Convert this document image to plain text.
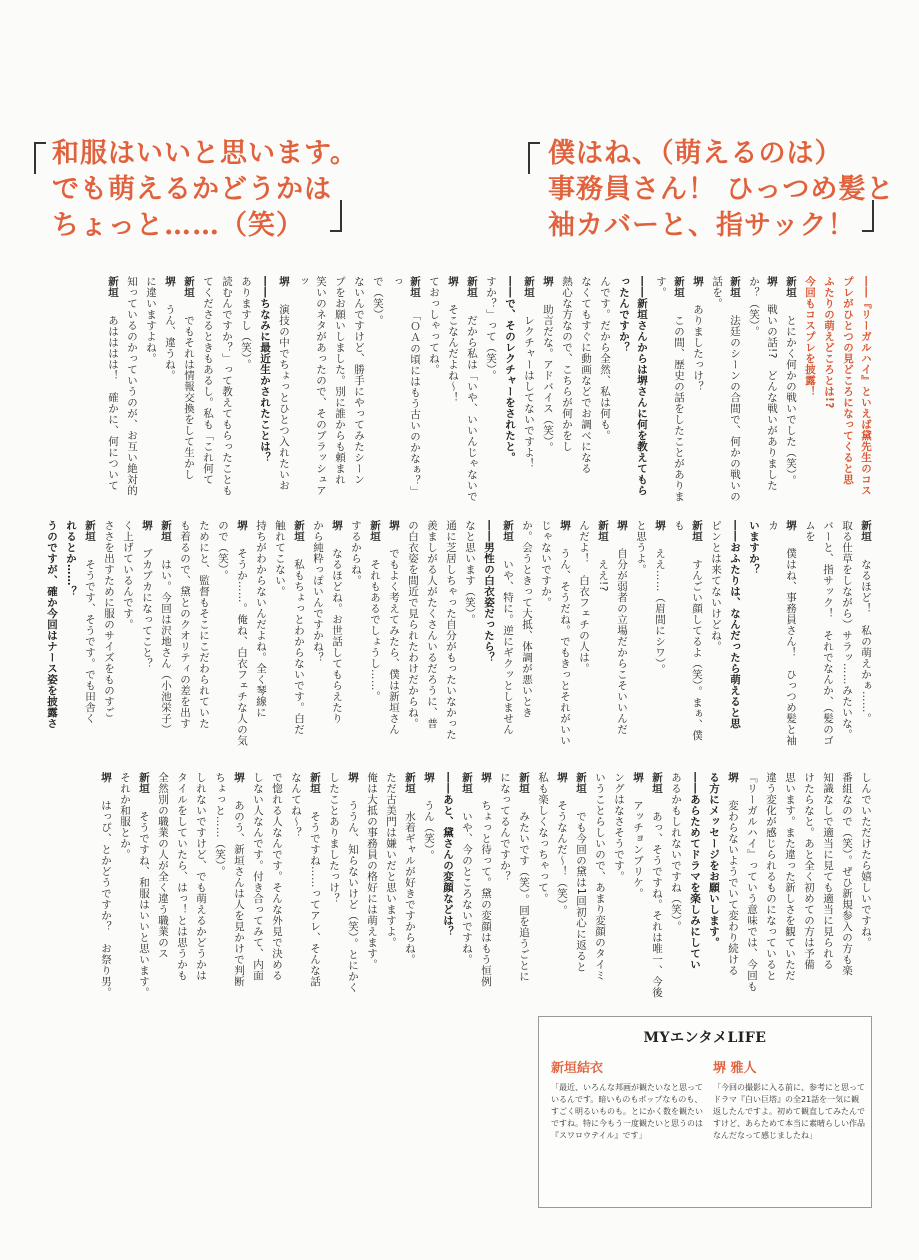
和服はいいと思います。
でも萌えるかどうかは
ちょっと……（笑）
僕はね、（萌えるのは）
事務員さん！ ひっつめ髪と
袖カバーと、指サック！

――『リーガルハイ』といえば黛先生のコスプレがひとつの見どころになってくると思

ふたりの萌えどころとは!?

今回もコスプレを披露！

新垣　とにかく何かの戦いでした（笑）。

堺　戦いの話!?　どんな戦いがありましたか？（笑）。

新垣　法廷のシーンの合間で、何かの戦いの話を。

堺　ありましたっけ？

新垣　この間、歴史の話をしたことがあります。

――新垣さんからは堺さんに何を教えてもらったんですか？

んです。だから全然、私は何も。

なくてもすぐに動画などでお調べになる

熱心な方なので、こちらが何かをし

堺　助言だな。アドバイス（笑）。

新垣　レクチャーはしてないですよ！

――で、そのレクチャーをされたと。

すか？」って（笑）。

新垣　だから私は「いや、いいんじゃないで

堺　そこなんだよね～！

ておっしゃってね。

新垣　「ＯＡの頃にはもう古いのかなぁ？」っ

で（笑）。

ないんですけど、勝手にやってみたシーン

プをお願いしました。別に誰からも頼まれ

笑いのネタがあったので、そのブラッシュアッ

堺　演技の中でちょっとひとつ入れたいお

――ちなみに最近生かされたことは？

ありますし（笑）。

読むんですか？」って教えてもらったことも

てくださるときもあるし。私も「これ何て

新垣　でもそれは情報交換をして生かし

堺　うん、違うね。

に違いますよね。

知っているのかっていうのが、お互い絶対的

新垣　あはははは！　確かに、何について

新垣　なるほど！　私の萌えかぁ……。

取る仕草をしながら）サラッ……みたいな。

バーと、指サック！　それでなんか、（髪のゴムを

堺　僕はね、事務員さん！　ひっつめ髪と袖カ

いますか？

――おふたりは、なんだったら萌えると思

ピンとは来てないけどね。

新垣　すんごい顔してるよ（笑）。まぁ、僕も

堺　ええ……（眉間にシワ）。

と思うよ。

堺　自分が弱者の立場だからこそいいんだ

新垣　ええ!?

んだよ！　白衣フェチの人は。

堺　うん、そうだね。でもきっとそれがいい

じゃないですか。

か。会うときって大抵、体調が悪いとき

新垣　いや、特に。逆にギクッとしません

――男性の白衣姿だったら？

なと思います（笑）。

通に芝居しちゃった自分がもったいなかった

羨ましがる人がたくさんいるだろうに、普

の白衣姿を間近で見られたわけだからね。

堺　でもよく考えてみたら、僕は新垣さん

新垣　それもあるでしょうし……。

するからね。

堺　なるほどね。お世話してもらえたり

から純粋っぽいんですかね？

新垣　私もちょっとわからないです。白だ

触れてこない。

持ちがわからないんだよね。全く琴線に

堺　そうか……。俺ね、白衣フェチな人の気

ので（笑）。

ためにと、監督もそこにこだわられていた

も着るので、黛とのクオリティの差を出す

新垣　はい。今回は沢地さん（小池栄子）

堺　ブカブカになってこと？

く上げているんです。

ささを出すために服のサイズをものすご

新垣　そうです、そうです。でも田舎く

れるとか……？

うのですが、確か今回はナース姿を披露さ

しんでいただけたら嬉しいですね。

番組なので（笑）。ぜひ新規参入の方も楽

知識なしで適当に見ても適当に見られる

けたらなと。あと全く初めての方は予備

思います。また違った新しさを観ていただ

違う変化が感じられるものになっていると

『リーガルハイ』っていう意味では、今回も

堺　変わらないようでいて変わり続ける

る方にメッセージをお願いします。

――あらためてドラマを楽しみにしてい

あるかもしれないですね（笑）。

新垣　あっ、そうですね。それは唯一、今後

堺　アッチョンブリケ。

ングはなさそうです。

いうことらしいので、あまり変顔のタイミ

新垣　でも今回の黛は1回初心に返ると

堺　そうなんだ～！（笑）。

私も楽しくなっちゃって。

新垣　みたいです（笑）。回を追うごとに

になってるんですか？

堺　ちょっと待って。黛の変顔はもう恒例

新垣　いや、今のところないですね。

――あと、黛さんの変顔などは？

堺　うん（笑）。

新垣　水着ギャルが好きですからね。

ただ古美門は嫌いだと思いますよ。

俺は大抵の事務員の格好には萌えます。

堺　ううん、知らないけど（笑）。とにかく

したことありましたっけ？

新垣　そうですね……ってアレ、そんな話

なんてね～？

で惚れる人なんです。そんな外見で決める

しない人なんです。付き合ってみて、内面

堺　あのう、新垣さんは人を見かけで判断

ちょっと……（笑）。

しれないですけど、でも萌えるかどうかは

タイルをしていたら、はっ！とは思うかも

全然別の職業の人が全く違う職業のス

新垣　そうですね、和服はいいと思います。

それか和服とか。

堺　はっぴ、とかどうですか？　お祭り男。

MYエンタメLIFE
新垣結衣
「最近、いろんな邦画が観たいなと思っているんです。暗いものもポップなものも、すごく明るいものも。とにかく数を観たいですね。特に今もう一度観たいと思うのは『スワロウテイル』です」
堺 雅人
「今回の撮影に入る前に、参考にと思ってドラマ『白い巨塔』の全21話を一気に観返したんですよ。初めて観直してみたんですけど、あらためて本当に素晴らしい作品なんだなって感じましたね」
